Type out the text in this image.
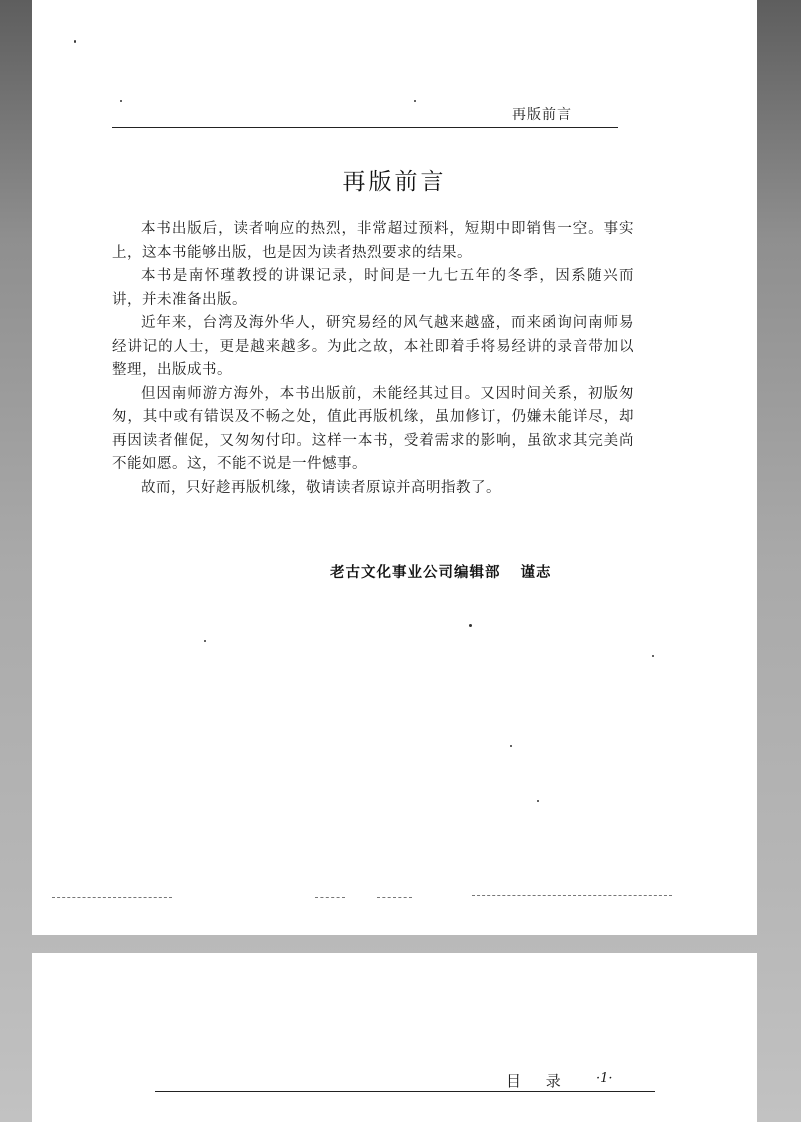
再版前言
再版前言

本书出版后，读者响应的热烈，非常超过预料，短期中即销售一空。事实上，这本书能够出版，也是因为读者热烈要求的结果。

本书是南怀瑾教授的讲课记录，时间是一九七五年的冬季，因系随兴而讲，并未准备出版。

近年来，台湾及海外华人，研究易经的风气越来越盛，而来函询问南师易经讲记的人士，更是越来越多。为此之故，本社即着手将易经讲的录音带加以整理，出版成书。

但因南师游方海外，本书出版前，未能经其过目。又因时间关系，初版匆匆，其中或有错误及不畅之处，值此再版机缘，虽加修订，仍嫌未能详尽，却再因读者催促，又匆匆付印。这样一本书，受着需求的影响，虽欲求其完美尚不能如愿。这，不能不说是一件憾事。

故而，只好趁再版机缘，敬请读者原谅并高明指教了。

老古文化事业公司编辑部 谨志
目 录 ·1·
